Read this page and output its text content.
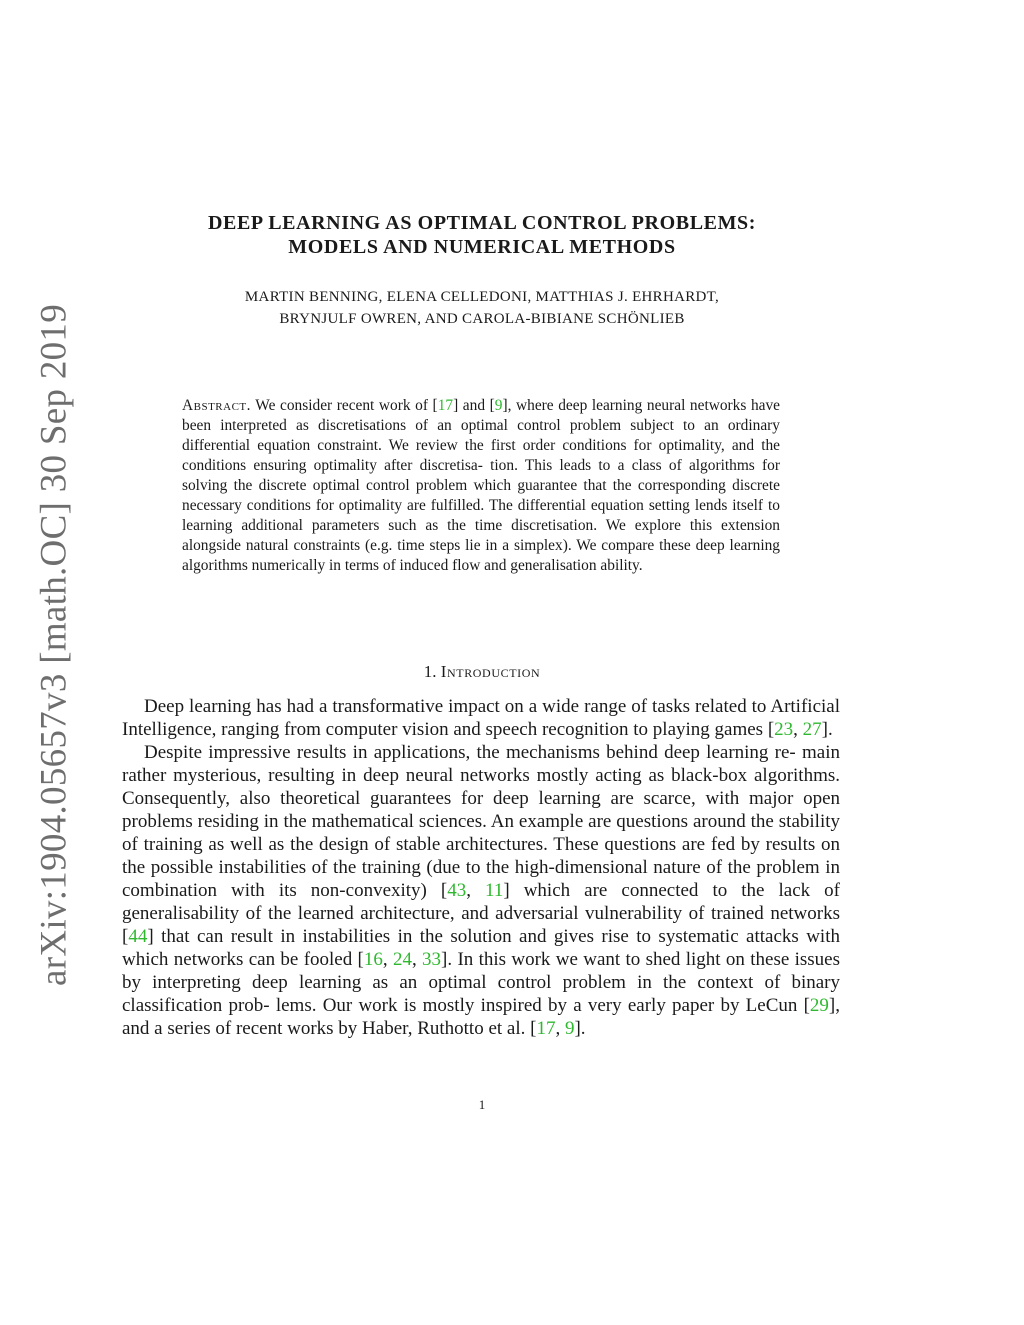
arXiv:1904.05657v3 [math.OC] 30 Sep 2019
DEEP LEARNING AS OPTIMAL CONTROL PROBLEMS:
MODELS AND NUMERICAL METHODS
MARTIN BENNING, ELENA CELLEDONI, MATTHIAS J. EHRHARDT,
BRYNJULF OWREN, AND CAROLA-BIBIANE SCHÖNLIEB
Abstract. We consider recent work of [17] and [9], where deep learning neural networks have been interpreted as discretisations of an optimal control problem subject to an ordinary differential equation constraint. We review the first order conditions for optimality, and the conditions ensuring optimality after discretisa- tion. This leads to a class of algorithms for solving the discrete optimal control problem which guarantee that the corresponding discrete necessary conditions for optimality are fulfilled. The differential equation setting lends itself to learning additional parameters such as the time discretisation. We explore this extension alongside natural constraints (e.g. time steps lie in a simplex). We compare these deep learning algorithms numerically in terms of induced flow and generalisation ability.
1. Introduction

Deep learning has had a transformative impact on a wide range of tasks related to Artificial Intelligence, ranging from computer vision and speech recognition to playing games [23, 27].

Despite impressive results in applications, the mechanisms behind deep learning re- main rather mysterious, resulting in deep neural networks mostly acting as black-box algorithms. Consequently, also theoretical guarantees for deep learning are scarce, with major open problems residing in the mathematical sciences. An example are questions around the stability of training as well as the design of stable architectures. These questions are fed by results on the possible instabilities of the training (due to the high-dimensional nature of the problem in combination with its non-convexity) [43, 11] which are connected to the lack of generalisability of the learned architecture, and adversarial vulnerability of trained networks [44] that can result in instabilities in the solution and gives rise to systematic attacks with which networks can be fooled [16, 24, 33]. In this work we want to shed light on these issues by interpreting deep learning as an optimal control problem in the context of binary classification prob- lems. Our work is mostly inspired by a very early paper by LeCun [29], and a series of recent works by Haber, Ruthotto et al. [17, 9].

1
